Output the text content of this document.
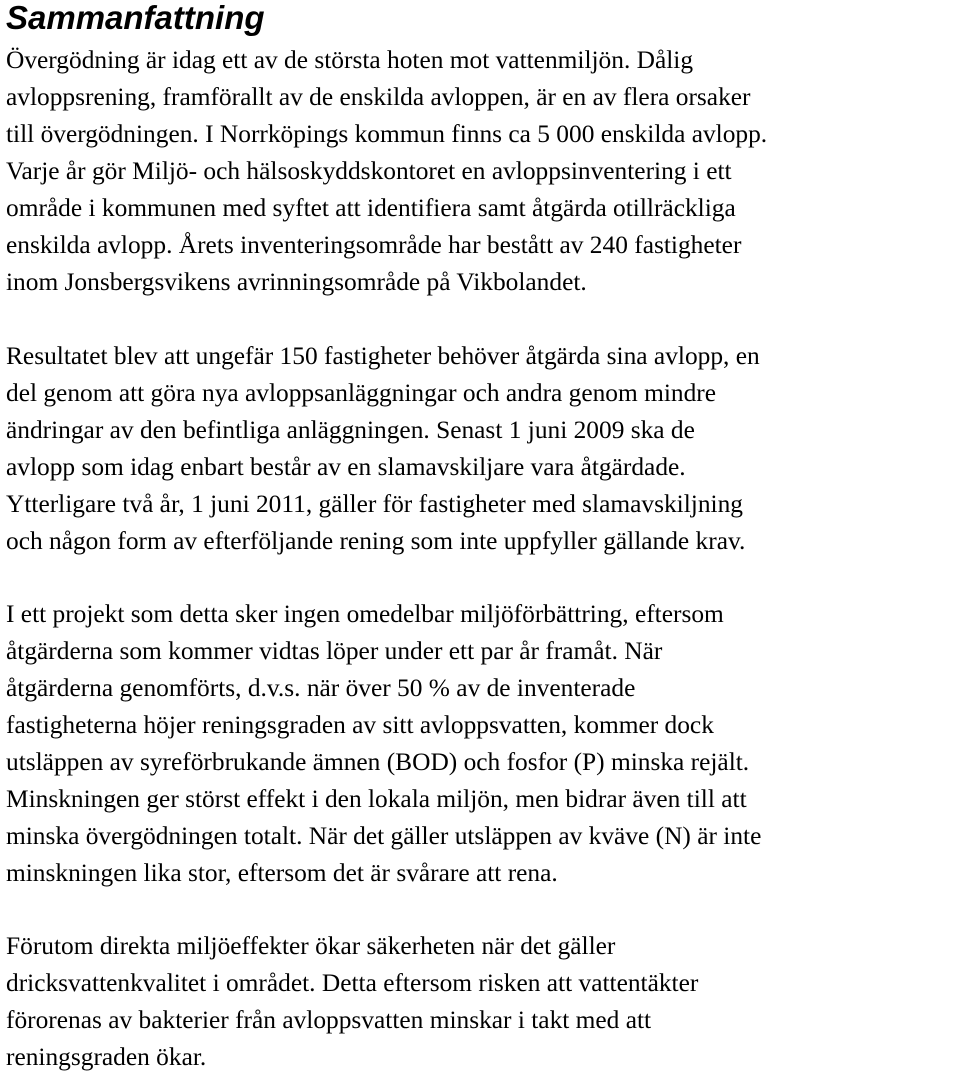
Sammanfattning

Övergödning är idag ett av de största hoten mot vattenmiljön. Dålig
avloppsrening, framförallt av de enskilda avloppen, är en av flera orsaker
till övergödningen. I Norrköpings kommun finns ca 5 000 enskilda avlopp.
Varje år gör Miljö- och hälsoskyddskontoret en avloppsinventering i ett
område i kommunen med syftet att identifiera samt åtgärda otillräckliga
enskilda avlopp. Årets inventeringsområde har bestått av 240 fastigheter
inom Jonsbergsvikens avrinningsområde på Vikbolandet.

Resultatet blev att ungefär 150 fastigheter behöver åtgärda sina avlopp, en
del genom att göra nya avloppsanläggningar och andra genom mindre
ändringar av den befintliga anläggningen. Senast 1 juni 2009 ska de
avlopp som idag enbart består av en slamavskiljare vara åtgärdade.
Ytterligare två år, 1 juni 2011, gäller för fastigheter med slamavskiljning
och någon form av efterföljande rening som inte uppfyller gällande krav.

I ett projekt som detta sker ingen omedelbar miljöförbättring, eftersom
åtgärderna som kommer vidtas löper under ett par år framåt. När
åtgärderna genomförts, d.v.s. när över 50 % av de inventerade
fastigheterna höjer reningsgraden av sitt avloppsvatten, kommer dock
utsläppen av syreförbrukande ämnen (BOD) och fosfor (P) minska rejält.
Minskningen ger störst effekt i den lokala miljön, men bidrar även till att
minska övergödningen totalt. När det gäller utsläppen av kväve (N) är inte
minskningen lika stor, eftersom det är svårare att rena.

Förutom direkta miljöeffekter ökar säkerheten när det gäller
dricksvattenkvalitet i området. Detta eftersom risken att vattentäkter
förorenas av bakterier från avloppsvatten minskar i takt med att
reningsgraden ökar.
